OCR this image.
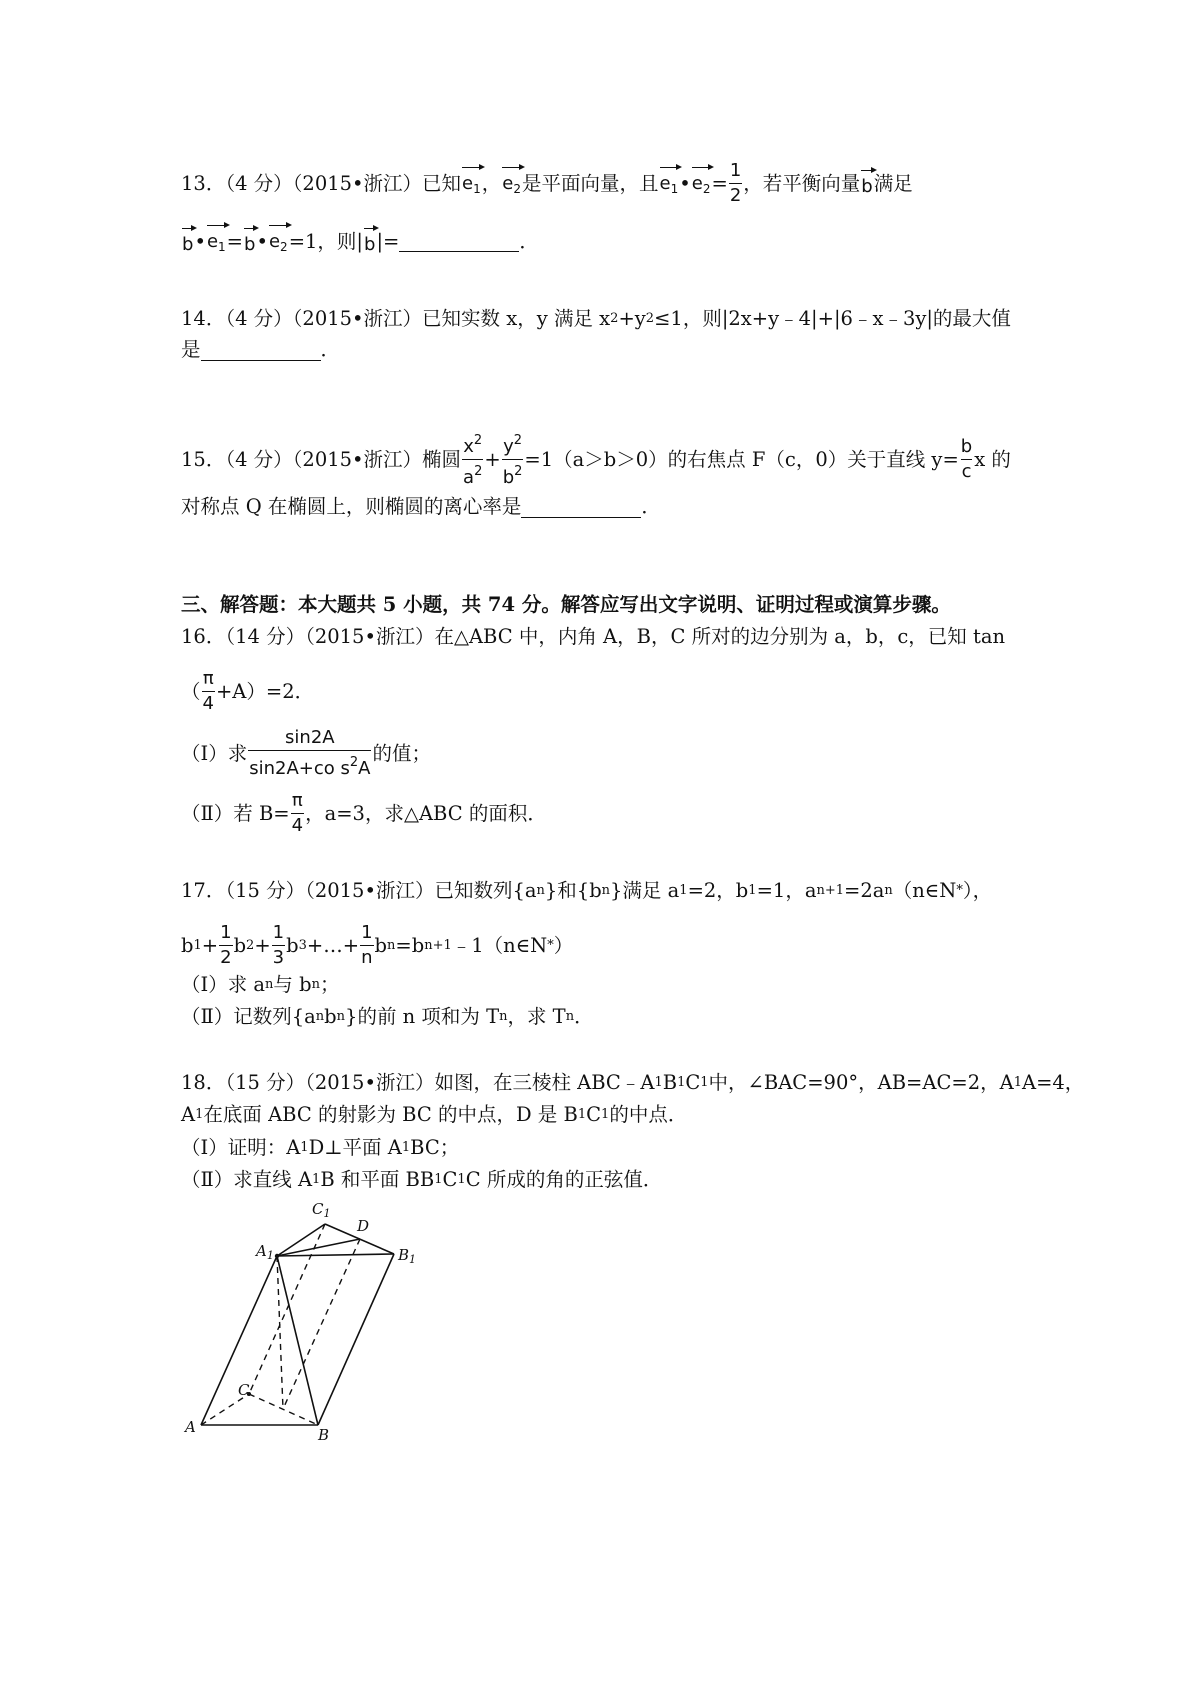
13．（4 分）（2015•浙江）已知 $e_1$ ， $e_2$ 是平面向量，且 $e_1$ • $e_2 = \frac{1}{2}$ ，若平衡向量 b 满足
b • $e_1 = b$ • $e_2 =1$，则| b |=	．
14．（4 分）（2015•浙江）已知实数 x，y 满足 x 2 +y 2 ≤1，则|2x+y﹣4|+|6﹣x﹣3y|的最大值
是	．
15．（4 分）（2015•浙江）椭圆 $\frac{x^2}{a^2} + \frac{y^2}{b^2} =1(a>b>0)$的右焦点 F（c，0）关于直线 $y= \frac{b}{c}$ x 的
对称点 Q 在椭圆上，则椭圆的离心率是	．
三、解答题：本大题共 5 小题，共 74 分。解答应写出文字说明、证明过程或演算步骤。
16．（14 分）（2015•浙江）在△ABC 中，内角 A，B，C 所对的边分别为 a，b，c，已知 tan
（ $\frac{\pi}{4} +A)=2$．
（Ⅰ）求 $\frac{\sin 2A}{\sin 2A+co s^2A}$ 的值；
（Ⅱ）若 $B= \frac{\pi}{4}$ ，a=3，求△ABC 的面积．
17．（15 分）（2015•浙江）已知数列{a n }和{b n }满足 a 1 =2，b 1 =1，a n+1 =2a n （n∈N * ），
b $1 + \frac{1}{2}$ b $2 + \frac{1}{3}$ b 3 +…+ $\frac{1}{n}$ b n =b n+1 ﹣1（n∈N * ）
（Ⅰ）求 a n 与 b n ；
（Ⅱ）记数列{a n b n }的前 n 项和为 T n ，求 T n ．
18．（15 分）（2015•浙江）如图，在三棱柱 ABC﹣A 1 B 1 C 1 中，∠BAC=90°，AB=AC=2，A 1 A=4，
A 1 在底面 ABC 的射影为 BC 的中点，D 是 B 1 C 1 的中点．
（Ⅰ）证明：A 1 D⊥平面 A 1 BC；
（Ⅱ）求直线 A 1 B 和平面 BB 1 C 1 C 所成的角的正弦值．
$C_1$
D
$A_1$	$B_1$
C
A	B
